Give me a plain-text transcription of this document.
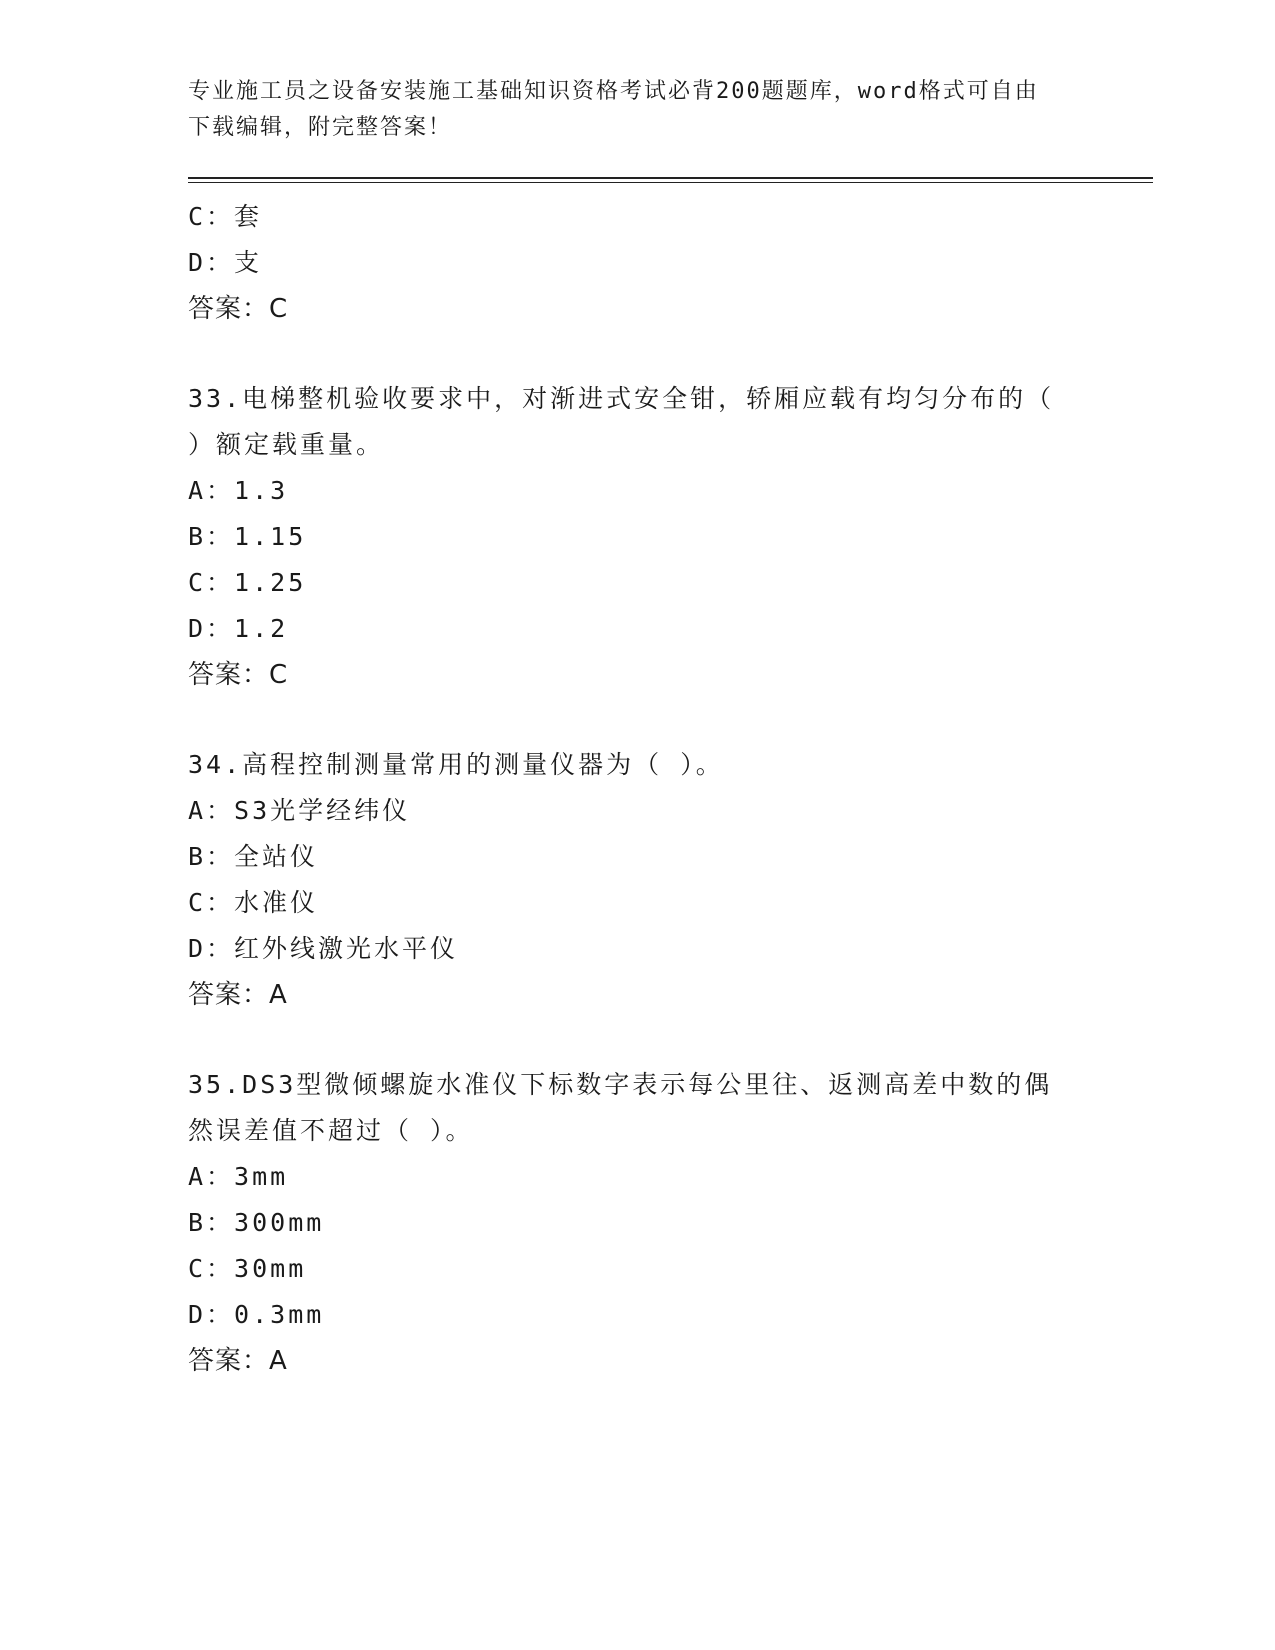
专业施工员之设备安装施工基础知识资格考试必背200题题库，word格式可自由
下载编辑，附完整答案！
C：套
D：支
答案：C
33.电梯整机验收要求中，对渐进式安全钳，轿厢应载有均匀分布的（
）额定载重量。
A：1.3
B：1.15
C：1.25
D：1.2
答案：C
34.高程控制测量常用的测量仪器为（ ）。
A：S3光学经纬仪
B：全站仪
C：水准仪
D：红外线激光水平仪
答案：A
35.DS3型微倾螺旋水准仪下标数字表示每公里往、返测高差中数的偶
然误差值不超过（ ）。
A：3mm
B：300mm
C：30mm
D：0.3mm
答案：A
